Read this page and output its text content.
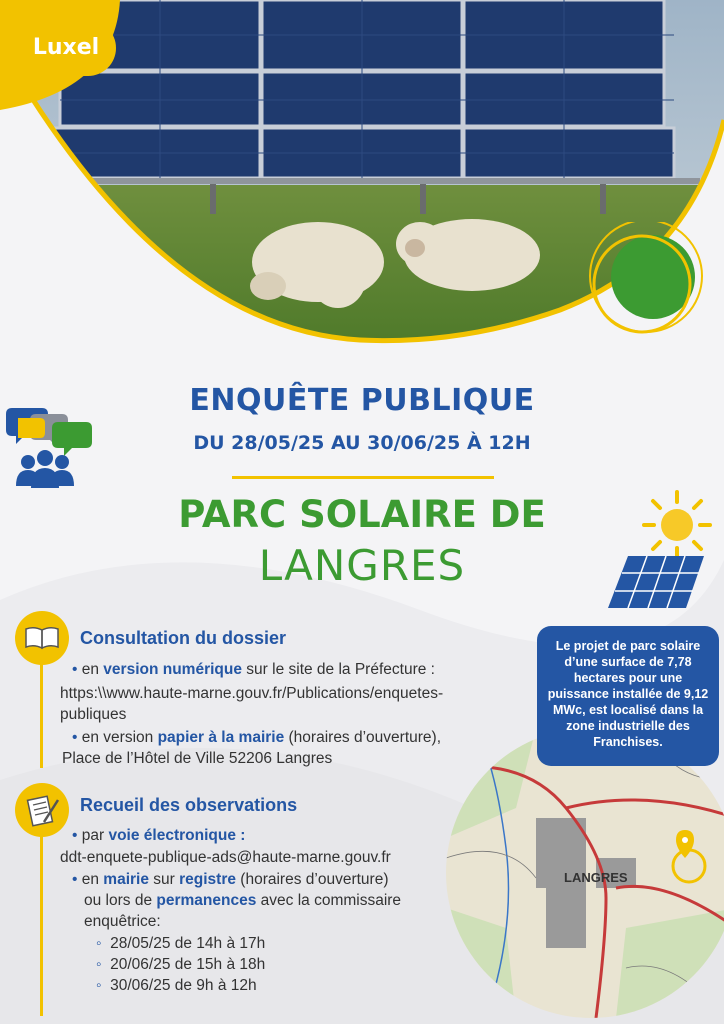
Luxel
ENQUÊTE PUBLIQUE
DU 28/05/25 AU 30/06/25 À 12H
PARC SOLAIRE DE
LANGRES
Consultation du dossier
• en version numérique sur le site de la Préfecture :
https:\\www.haute-marne.gouv.fr/Publications/enquetes-
publiques
• en version papier à la mairie (horaires d’ouverture),
Place de l’Hôtel de Ville 52206 Langres
Recueil des observations
• par voie électronique :
ddt-enquete-publique-ads@haute-marne.gouv.fr
• en mairie sur registre (horaires d’ouverture)
ou lors de permanences avec la commissaire
enquêtrice:
◦  28/05/25 de 14h à 17h
◦  20/06/25 de 15h à 18h
◦  30/06/25 de 9h à 12h
LANGRES
Le projet de parc solaire d’une surface de 7,78 hectares pour une puissance installée de 9,12 MWc, est localisé dans la zone industrielle des Franchises.
